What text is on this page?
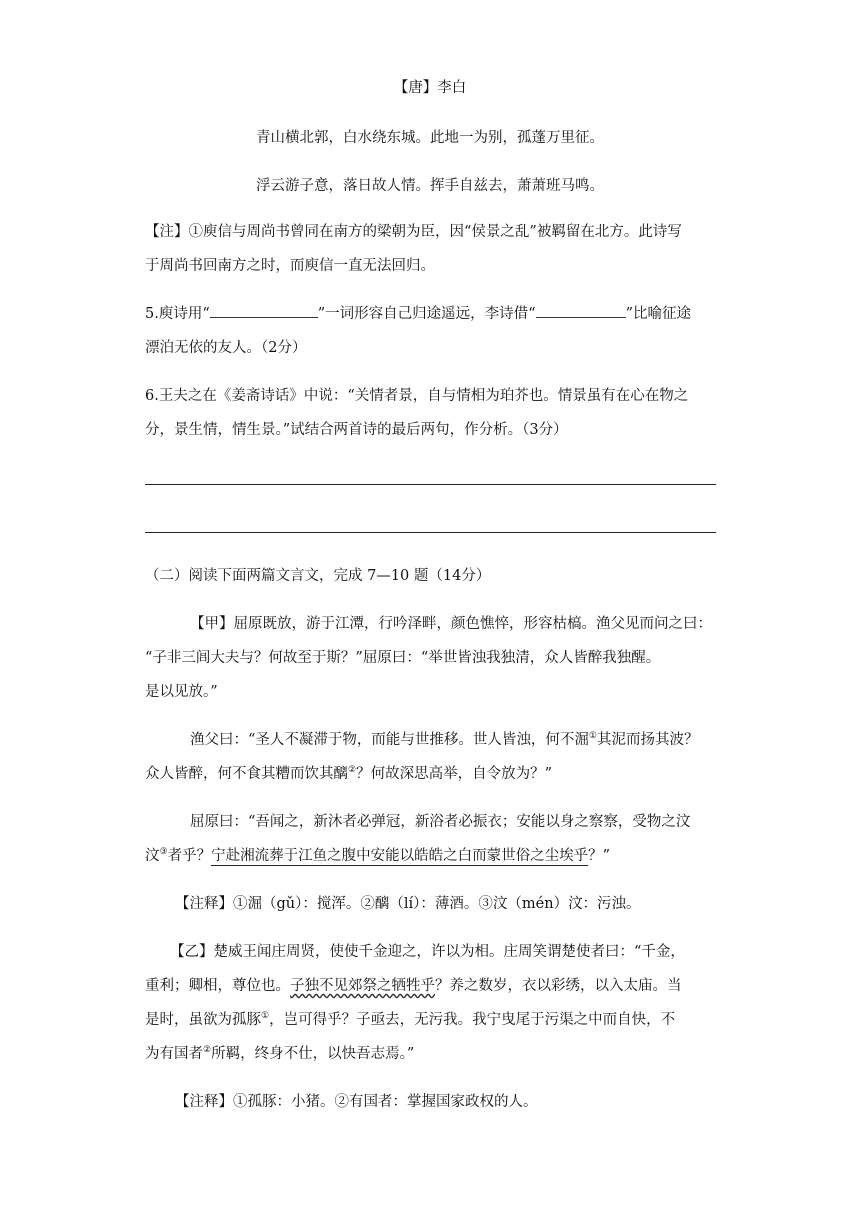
【唐】李白
青山横北郭，白水绕东城。此地一为别，孤蓬万里征。
浮云游子意，落日故人情。挥手自兹去，萧萧班马鸣。
【注】①庾信与周尚书曾同在南方的梁朝为臣，因“侯景之乱”被羁留在北方。此诗写
于周尚书回南方之时，而庾信一直无法回归。
5.庾诗用“	”一词形容自己归途遥远，李诗借“	”比喻征途
漂泊无依的友人。（2分）
6.王夫之在《姜斋诗话》中说：“关情者景，自与情相为珀芥也。情景虽有在心在物之
分，景生情，情生景。”试结合两首诗的最后两句，作分析。（3分）
（二）阅读下面两篇文言文，完成 7—10 题（14分）
【甲】屈原既放，游于江潭，行吟泽畔，颜色憔悴，形容枯槁。渔父见而问之曰：
“子非三闾大夫与？何故至于斯？”屈原曰：“举世皆浊我独清，众人皆醉我独醒。
是以见放。”
渔父曰：“圣人不凝滞于物，而能与世推移。世人皆浊，何不淈①其泥而扬其波？
众人皆醉，何不食其糟而饮其醨②？何故深思高举，自令放为？”
屈原曰：“吾闻之，新沐者必弹冠，新浴者必振衣；安能以身之察察，受物之汶
汶③者乎？宁赴湘流葬于江鱼之腹中安能以皓皓之白而蒙世俗之尘埃乎？”
【注释】①淈（gǔ）：搅浑。②醨（lí）：薄酒。③汶（mén）汶：污浊。
【乙】楚威王闻庄周贤，使使千金迎之，许以为相。庄周笑谓楚使者曰：“千金，
重利；卿相，尊位也。子独不见郊祭之牺牲乎？养之数岁，衣以彩绣，以入太庙。当
是时，虽欲为孤豚①，岂可得乎？子亟去，无污我。我宁曳尾于污渠之中而自快，不
为有国者②所羁，终身不仕，以快吾志焉。”
【注释】①孤豚：小猪。②有国者：掌握国家政权的人。
